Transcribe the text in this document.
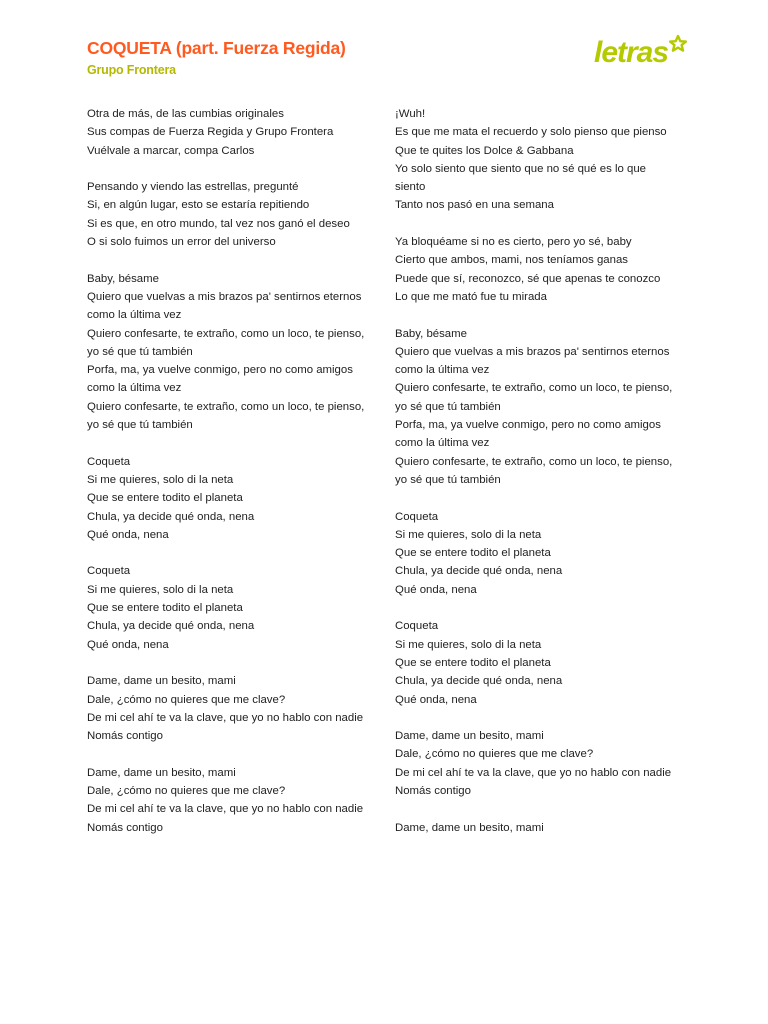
COQUETA (part. Fuerza Regida)
Grupo Frontera
letras
Otra de más, de las cumbias originales
Sus compas de Fuerza Regida y Grupo Frontera
Vuélvale a marcar, compa Carlos
Pensando y viendo las estrellas, pregunté
Si, en algún lugar, esto se estaría repitiendo
Si es que, en otro mundo, tal vez nos ganó el deseo
O si solo fuimos un error del universo
Baby, bésame
Quiero que vuelvas a mis brazos pa' sentirnos eternos
como la última vez
Quiero confesarte, te extraño, como un loco, te pienso,
yo sé que tú también
Porfa, ma, ya vuelve conmigo, pero no como amigos
como la última vez
Quiero confesarte, te extraño, como un loco, te pienso,
yo sé que tú también
Coqueta
Si me quieres, solo di la neta
Que se entere todito el planeta
Chula, ya decide qué onda, nena
Qué onda, nena
Coqueta
Si me quieres, solo di la neta
Que se entere todito el planeta
Chula, ya decide qué onda, nena
Qué onda, nena
Dame, dame un besito, mami
Dale, ¿cómo no quieres que me clave?
De mi cel ahí te va la clave, que yo no hablo con nadie
Nomás contigo
Dame, dame un besito, mami
Dale, ¿cómo no quieres que me clave?
De mi cel ahí te va la clave, que yo no hablo con nadie
Nomás contigo
¡Wuh!
Es que me mata el recuerdo y solo pienso que pienso
Que te quites los Dolce & Gabbana
Yo solo siento que siento que no sé qué es lo que
siento
Tanto nos pasó en una semana
Ya bloquéame si no es cierto, pero yo sé, baby
Cierto que ambos, mami, nos teníamos ganas
Puede que sí, reconozco, sé que apenas te conozco
Lo que me mató fue tu mirada
Baby, bésame
Quiero que vuelvas a mis brazos pa' sentirnos eternos
como la última vez
Quiero confesarte, te extraño, como un loco, te pienso,
yo sé que tú también
Porfa, ma, ya vuelve conmigo, pero no como amigos
como la última vez
Quiero confesarte, te extraño, como un loco, te pienso,
yo sé que tú también
Coqueta
Si me quieres, solo di la neta
Que se entere todito el planeta
Chula, ya decide qué onda, nena
Qué onda, nena
Coqueta
Si me quieres, solo di la neta
Que se entere todito el planeta
Chula, ya decide qué onda, nena
Qué onda, nena
Dame, dame un besito, mami
Dale, ¿cómo no quieres que me clave?
De mi cel ahí te va la clave, que yo no hablo con nadie
Nomás contigo
Dame, dame un besito, mami
